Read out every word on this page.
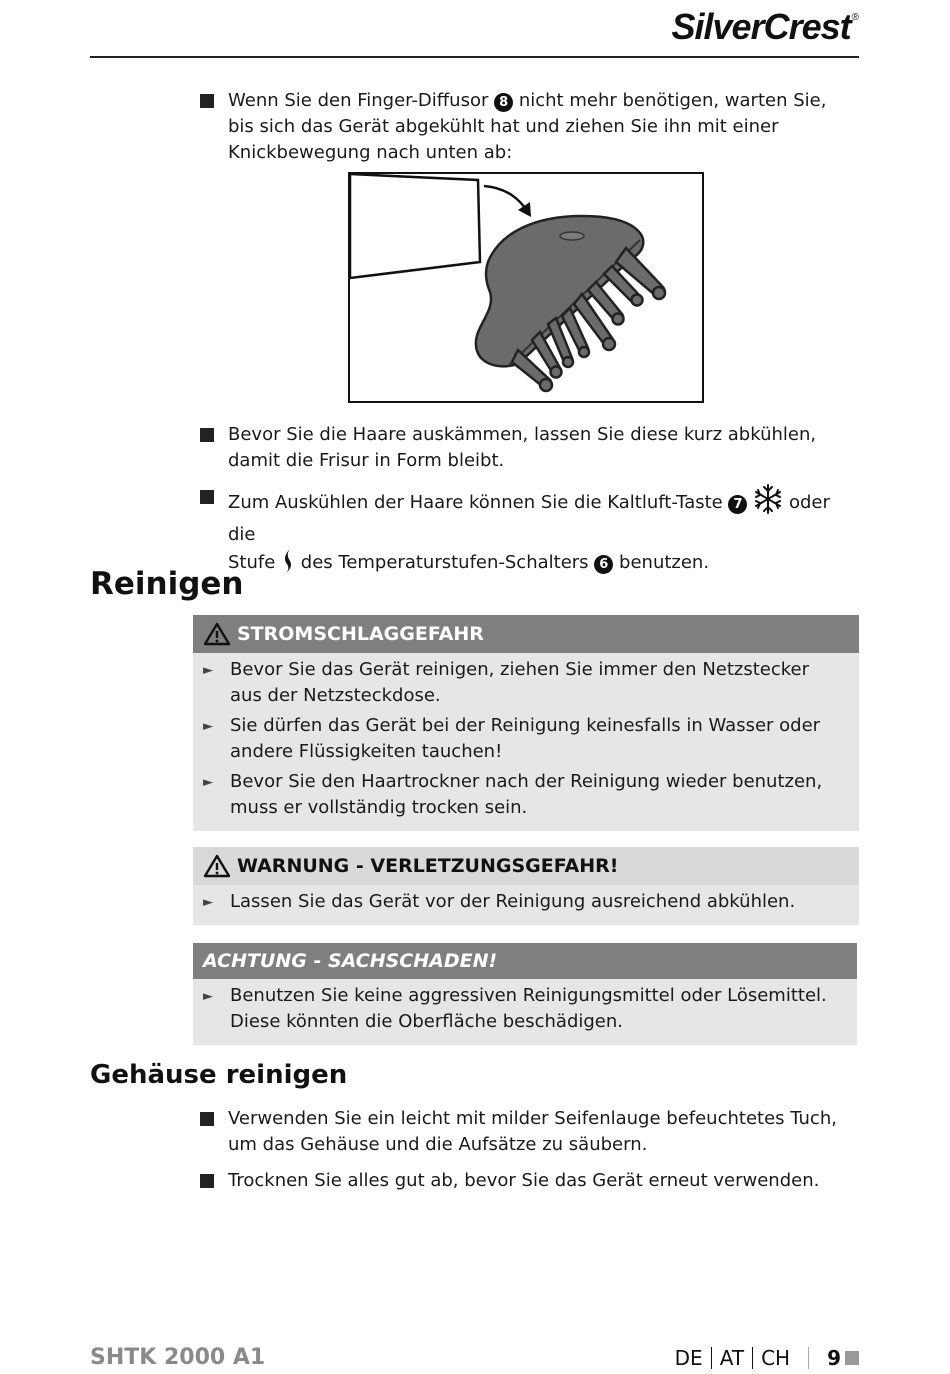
SilverCrest®
Wenn Sie den Finger-Diffusor 8 nicht mehr benötigen, warten Sie, bis sich das Gerät abgekühlt hat und ziehen Sie ihn mit einer Knickbewegung nach unten ab:
Bevor Sie die Haare auskämmen, lassen Sie diese kurz abkühlen, damit die Frisur in Form bleibt.
Zum Auskühlen der Haare können Sie die Kaltluft-Taste 7	oder die
Stufe des Temperaturstufen-Schalters 6 benutzen.
Reinigen
STROMSCHLAGGEFAHR
► Bevor Sie das Gerät reinigen, ziehen Sie immer den Netzstecker aus der Netzsteckdose.
► Sie dürfen das Gerät bei der Reinigung keinesfalls in Wasser oder andere Flüssigkeiten tauchen!
► Bevor Sie den Haartrockner nach der Reinigung wieder benutzen, muss er vollständig trocken sein.
WARNUNG - VERLETZUNGSGEFAHR!
► Lassen Sie das Gerät vor der Reinigung ausreichend abkühlen.
ACHTUNG - SACHSCHADEN!
► Benutzen Sie keine aggressiven Reinigungsmittel oder Lösemittel. Diese könnten die Oberfläche beschädigen.
Gehäuse reinigen
Verwenden Sie ein leicht mit milder Seifenlauge befeuchtetes Tuch, um das Gehäuse und die Aufsätze zu säubern.
Trocknen Sie alles gut ab, bevor Sie das Gerät erneut verwenden.
SHTK 2000 A1	DE AT CH 9
